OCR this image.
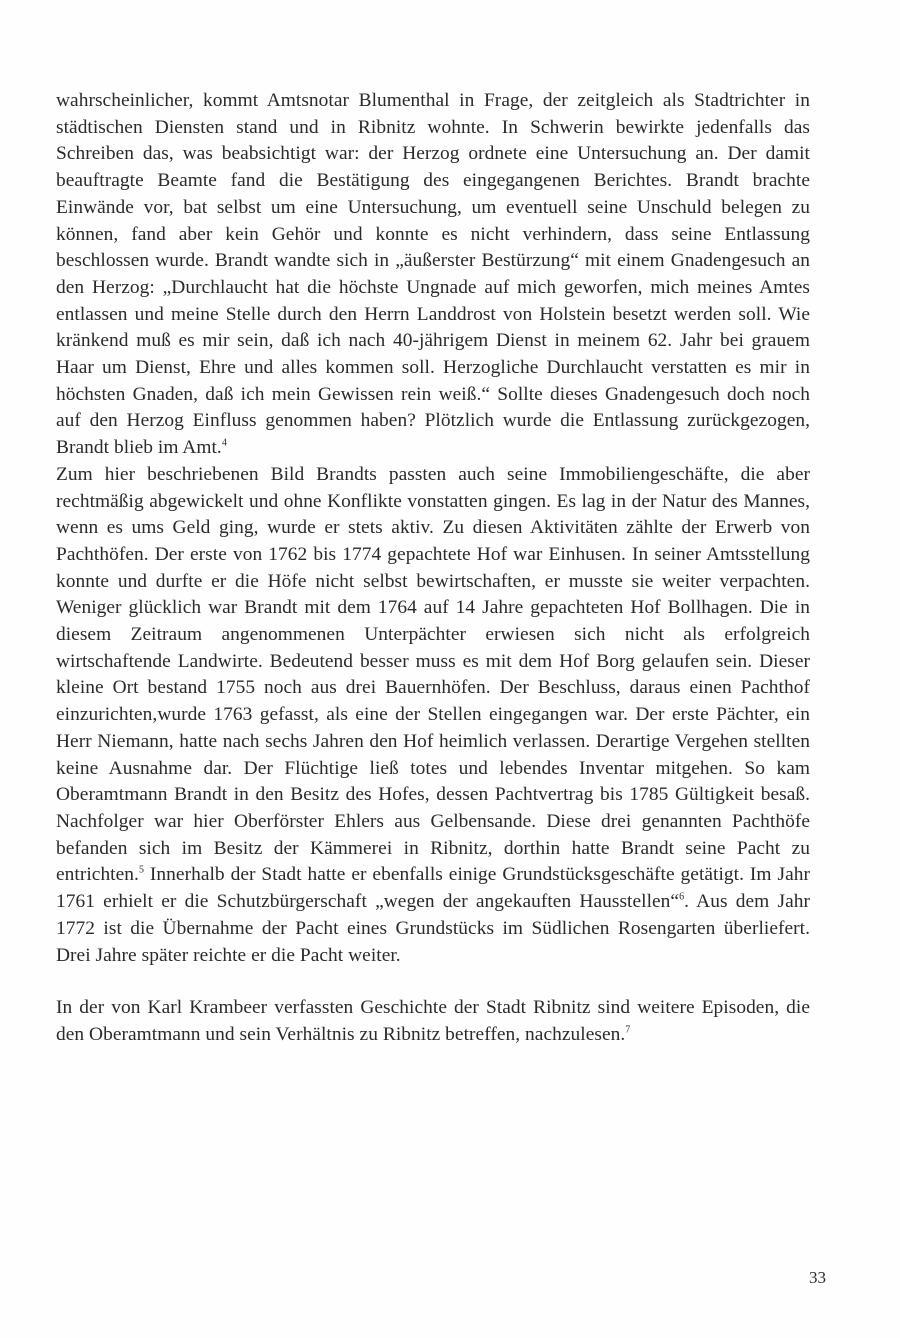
wahrscheinlicher, kommt Amtsnotar Blumenthal in Frage, der zeitgleich als Stadtrichter in städtischen Diensten stand und in Ribnitz wohnte. In Schwerin bewirkte jedenfalls das Schreiben das, was beabsichtigt war: der Herzog ordnete eine Untersuchung an. Der damit beauftragte Beamte fand die Bestätigung des eingegangenen Berichtes. Brandt brachte Einwände vor, bat selbst um eine Untersuchung, um eventuell seine Unschuld belegen zu können, fand aber kein Gehör und konnte es nicht verhindern, dass seine Entlassung beschlossen wurde. Brandt wandte sich in „äußerster Bestürzung“ mit einem Gnadengesuch an den Herzog: „Durchlaucht hat die höchste Ungnade auf mich geworfen, mich meines Amtes entlassen und meine Stelle durch den Herrn Landdrost von Holstein besetzt werden soll. Wie kränkend muß es mir sein, daß ich nach 40-jährigem Dienst in meinem 62. Jahr bei grauem Haar um Dienst, Ehre und alles kommen soll. Herzogliche Durchlaucht verstatten es mir in höchsten Gnaden, daß ich mein Gewissen rein weiß.“ Sollte dieses Gnadengesuch doch noch auf den Herzog Einfluss genommen haben? Plötzlich wurde die Entlassung zurückgezogen, Brandt blieb im Amt.$^4$

Zum hier beschriebenen Bild Brandts passten auch seine Immobiliengeschäfte, die aber rechtmäßig abgewickelt und ohne Konflikte vonstatten gingen. Es lag in der Natur des Mannes, wenn es ums Geld ging, wurde er stets aktiv. Zu diesen Aktivitäten zählte der Erwerb von Pachthöfen. Der erste von 1762 bis 1774 gepachtete Hof war Einhusen. In seiner Amtsstellung konnte und durfte er die Höfe nicht selbst bewirtschaften, er musste sie weiter verpachten. Weniger glücklich war Brandt mit dem 1764 auf 14 Jahre gepachteten Hof Bollhagen. Die in diesem Zeitraum angenommenen Unterpächter erwiesen sich nicht als erfolgreich wirtschaftende Landwirte. Bedeutend besser muss es mit dem Hof Borg gelaufen sein. Dieser kleine Ort bestand 1755 noch aus drei Bauernhöfen. Der Beschluss, daraus einen Pachthof einzurichten,wurde 1763 gefasst, als eine der Stellen eingegangen war. Der erste Pächter, ein Herr Niemann, hatte nach sechs Jahren den Hof heimlich verlassen. Derartige Vergehen stellten keine Ausnahme dar. Der Flüchtige ließ totes und lebendes Inventar mitgehen. So kam Oberamtmann Brandt in den Besitz des Hofes, dessen Pachtvertrag bis 1785 Gültigkeit besaß. Nachfolger war hier Oberförster Ehlers aus Gelbensande. Diese drei genannten Pachthöfe befanden sich im Besitz der Kämmerei in Ribnitz, dorthin hatte Brandt seine Pacht zu entrichten.$^5$ Innerhalb der Stadt hatte er ebenfalls einige Grundstücksgeschäfte getätigt. Im Jahr 1761 erhielt er die Schutzbürgerschaft „wegen der angekauften Hausstellen“$^6$. Aus dem Jahr 1772 ist die Übernahme der Pacht eines Grundstücks im Südlichen Rosengarten überliefert. Drei Jahre später reichte er die Pacht weiter.

In der von Karl Krambeer verfassten Geschichte der Stadt Ribnitz sind weitere Episoden, die den Oberamtmann und sein Verhältnis zu Ribnitz betreffen, nachzulesen.$^7$

33
